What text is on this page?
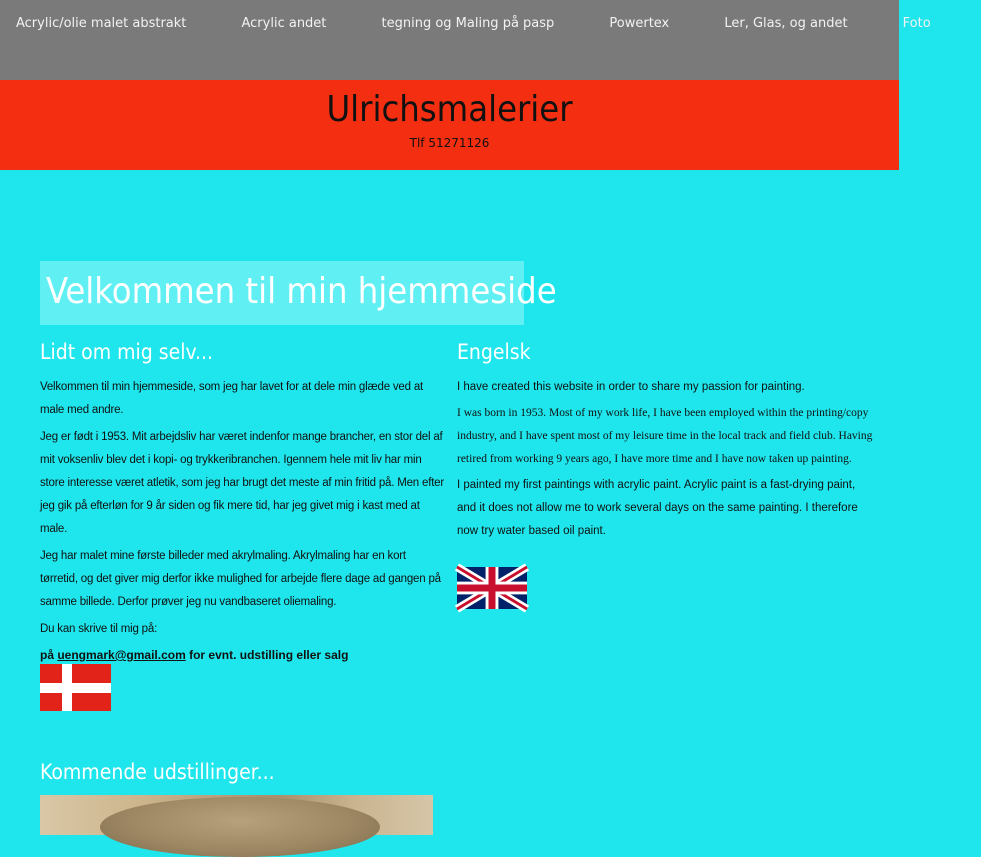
Acrylic/olie malet abstrakt	Acrylic andet	tegning og Maling på pasp	Powertex	Ler, Glas, og andet	Foto
Ulrichsmalerier
Tlf 51271126
Velkommen til min hjemmeside
Lidt om mig selv...

Velkommen til min hjemmeside, som jeg har lavet for at dele min glæde ved at male med andre.

Jeg er født i 1953. Mit arbejdsliv har været indenfor mange brancher, en stor del af mit voksenliv blev det i kopi- og trykkeribranchen. Igennem hele mit liv har min store interesse været atletik, som jeg har brugt det meste af min fritid på. Men efter jeg gik på efterløn for 9 år siden og fik mere tid, har jeg givet mig i kast med at male.

Jeg har malet mine første billeder med akrylmaling. Akrylmaling har en kort tørretid, og det giver mig derfor ikke mulighed for arbejde flere dage ad gangen på samme billede. Derfor prøver jeg nu vandbaseret oliemaling.

Du kan skrive til mig på:

på uengmark@gmail.com for evnt. udstilling eller salg
Engelsk

I have created this website in order to share my passion for painting.

I was born in 1953. Most of my work life, I have been employed within the printing/copy industry, and I have spent most of my leisure time in the local track and field club. Having retired from working 9 years ago, I have more time and I have now taken up painting.

I painted my first paintings with acrylic paint. Acrylic paint is a fast-drying paint, and it does not allow me to work several days on the same painting. I therefore now try water based oil paint.

Kommende udstillinger...
